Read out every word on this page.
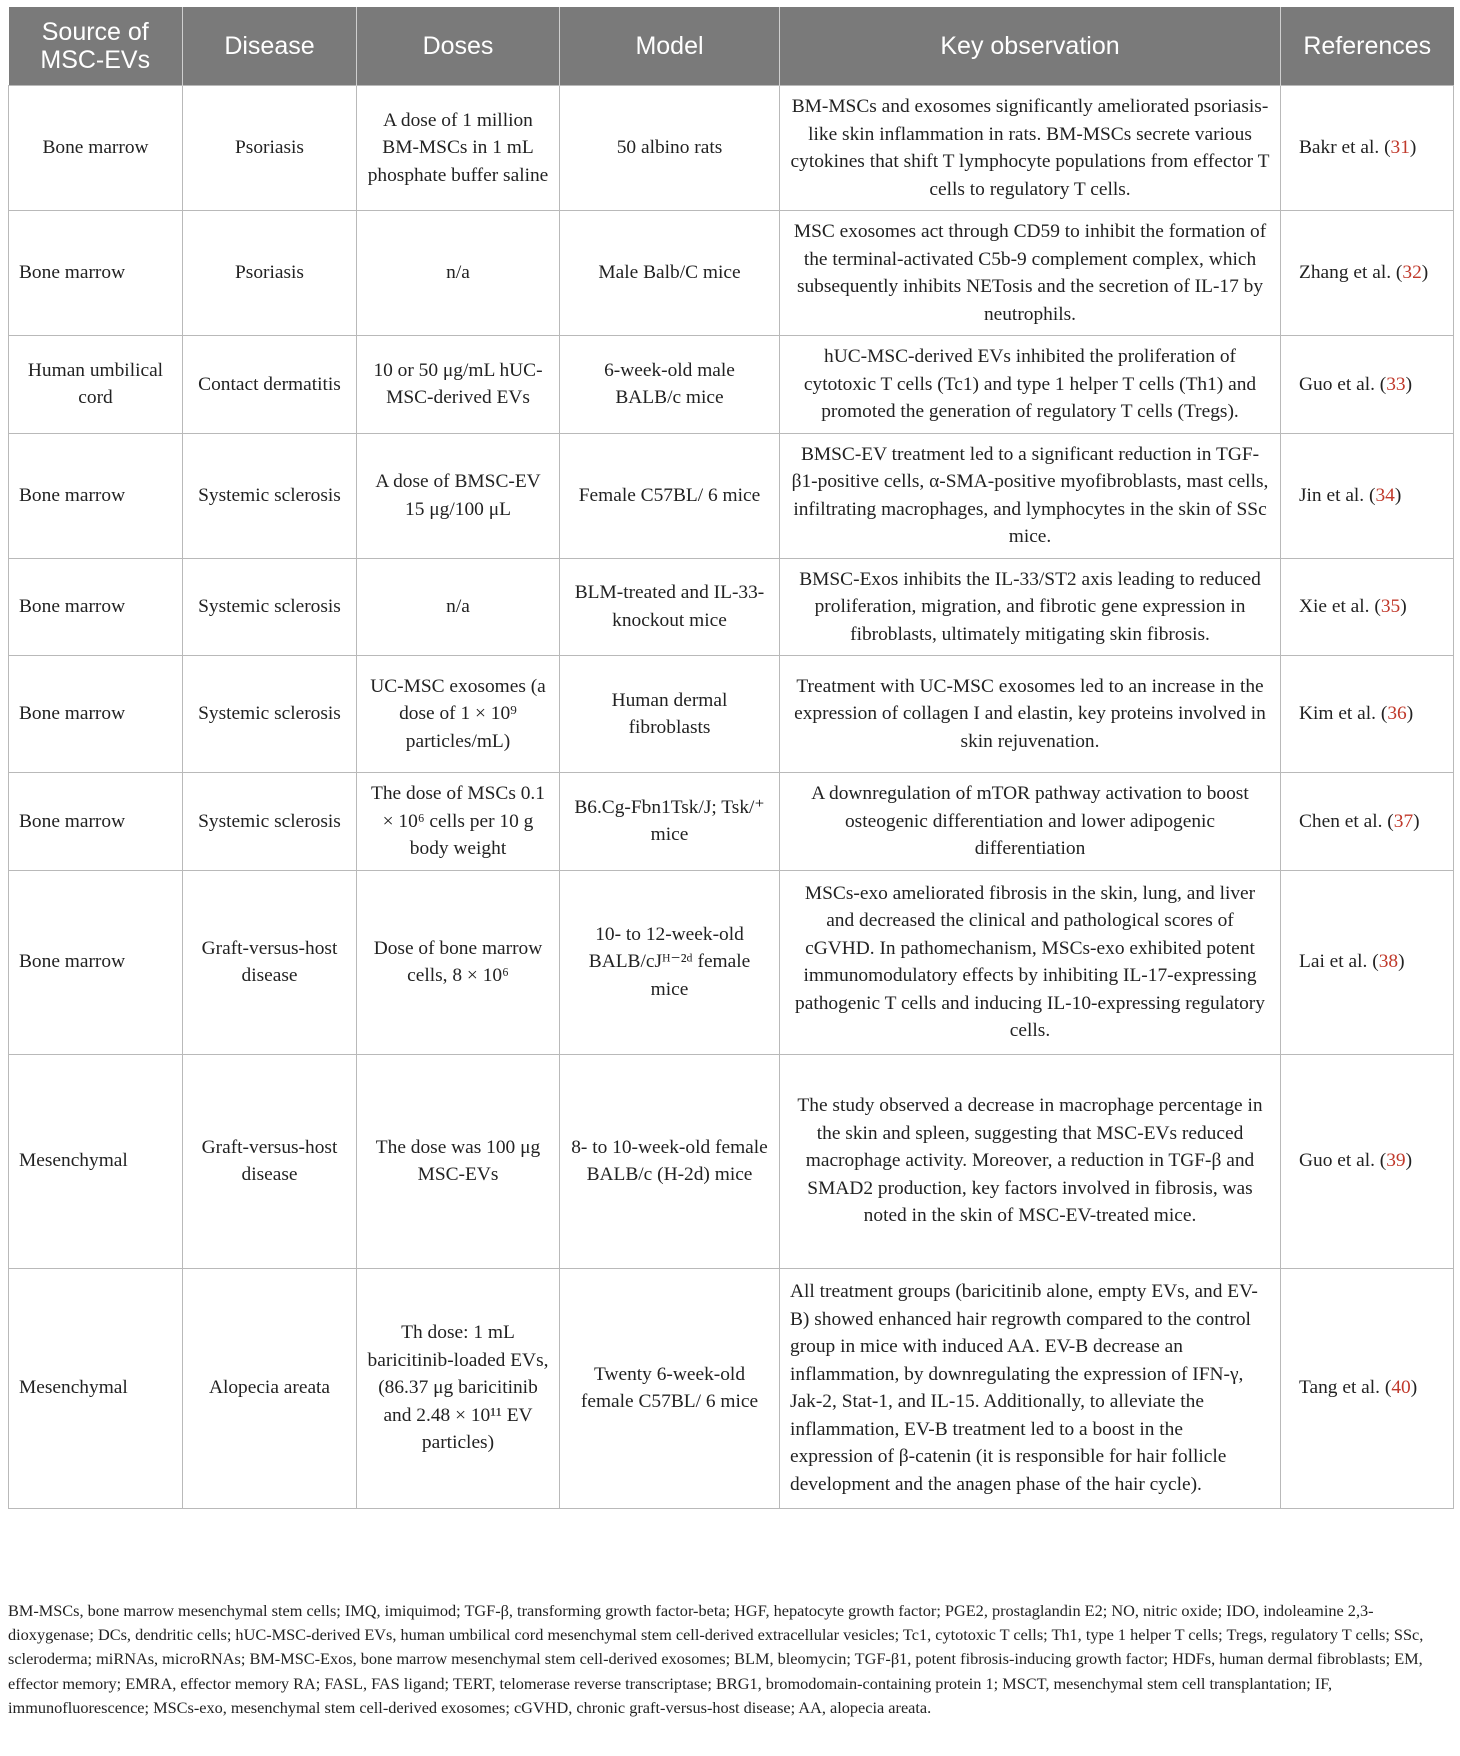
Source of MSC-EVs	Disease	Doses	Model	Key observation	References
Bone marrow	Psoriasis	A dose of 1 million BM-MSCs in 1 mL phosphate buffer saline	50 albino rats	BM-MSCs and exosomes significantly ameliorated psoriasis-like skin inflammation in rats. BM-MSCs secrete various cytokines that shift T lymphocyte populations from effector T cells to regulatory T cells.	Bakr et al. (31)
Bone marrow	Psoriasis	n/a	Male Balb/C mice	MSC exosomes act through CD59 to inhibit the formation of the terminal-activated C5b-9 complement complex, which subsequently inhibits NETosis and the secretion of IL-17 by neutrophils.	Zhang et al. (32)
Human umbilical cord	Contact dermatitis	10 or 50 μg/mL hUC-MSC-derived EVs	6-week-old male BALB/c mice	hUC-MSC-derived EVs inhibited the proliferation of cytotoxic T cells (Tc1) and type 1 helper T cells (Th1) and promoted the generation of regulatory T cells (Tregs).	Guo et al. (33)
Bone marrow	Systemic sclerosis	A dose of BMSC-EV 15 μg/100 μL	Female C57BL/ 6 mice	BMSC-EV treatment led to a significant reduction in TGF-β1-positive cells, α-SMA-positive myofibroblasts, mast cells, infiltrating macrophages, and lymphocytes in the skin of SSc mice.	Jin et al. (34)
Bone marrow	Systemic sclerosis	n/a	BLM-treated and IL-33-knockout mice	BMSC-Exos inhibits the IL-33/ST2 axis leading to reduced proliferation, migration, and fibrotic gene expression in fibroblasts, ultimately mitigating skin fibrosis.	Xie et al. (35)
Bone marrow	Systemic sclerosis	UC-MSC exosomes (a dose of 1 × 10⁹ particles/mL)	Human dermal fibroblasts	Treatment with UC-MSC exosomes led to an increase in the expression of collagen I and elastin, key proteins involved in skin rejuvenation.	Kim et al. (36)
Bone marrow	Systemic sclerosis	The dose of MSCs 0.1 × 10⁶ cells per 10 g body weight	B6.Cg-Fbn1Tsk/J; Tsk/⁺ mice	A downregulation of mTOR pathway activation to boost osteogenic differentiation and lower adipogenic differentiation	Chen et al. (37)
Bone marrow	Graft-versus-host disease	Dose of bone marrow cells, 8 × 10⁶	10- to 12-week-old BALB/cJᴴ⁻²ᵈ female mice	MSCs-exo ameliorated fibrosis in the skin, lung, and liver and decreased the clinical and pathological scores of cGVHD. In pathomechanism, MSCs-exo exhibited potent immunomodulatory effects by inhibiting IL-17-expressing pathogenic T cells and inducing IL-10-expressing regulatory cells.	Lai et al. (38)
Mesenchymal	Graft-versus-host disease	The dose was 100 μg MSC-EVs	8- to 10-week-old female BALB/c (H-2d) mice	The study observed a decrease in macrophage percentage in the skin and spleen, suggesting that MSC-EVs reduced macrophage activity. Moreover, a reduction in TGF-β and SMAD2 production, key factors involved in fibrosis, was noted in the skin of MSC-EV-treated mice.	Guo et al. (39)
Mesenchymal	Alopecia areata	Th dose: 1 mL baricitinib-loaded EVs, (86.37 μg baricitinib and 2.48 × 10¹¹ EV particles)	Twenty 6-week-old female C57BL/ 6 mice	All treatment groups (baricitinib alone, empty EVs, and EV-B) showed enhanced hair regrowth compared to the control group in mice with induced AA. EV-B decrease an inflammation, by downregulating the expression of IFN-γ, Jak-2, Stat-1, and IL-15. Additionally, to alleviate the inflammation, EV-B treatment led to a boost in the expression of β-catenin (it is responsible for hair follicle development and the anagen phase of the hair cycle).	Tang et al. (40)
BM-MSCs, bone marrow mesenchymal stem cells; IMQ, imiquimod; TGF-β, transforming growth factor-beta; HGF, hepatocyte growth factor; PGE2, prostaglandin E2; NO, nitric oxide; IDO, indoleamine 2,3-dioxygenase; DCs, dendritic cells; hUC-MSC-derived EVs, human umbilical cord mesenchymal stem cell-derived extracellular vesicles; Tc1, cytotoxic T cells; Th1, type 1 helper T cells; Tregs, regulatory T cells; SSc, scleroderma; miRNAs, microRNAs; BM-MSC-Exos, bone marrow mesenchymal stem cell-derived exosomes; BLM, bleomycin; TGF-β1, potent fibrosis-inducing growth factor; HDFs, human dermal fibroblasts; EM, effector memory; EMRA, effector memory RA; FASL, FAS ligand; TERT, telomerase reverse transcriptase; BRG1, bromodomain-containing protein 1; MSCT, mesenchymal stem cell transplantation; IF, immunofluorescence; MSCs-exo, mesenchymal stem cell-derived exosomes; cGVHD, chronic graft-versus-host disease; AA, alopecia areata.
